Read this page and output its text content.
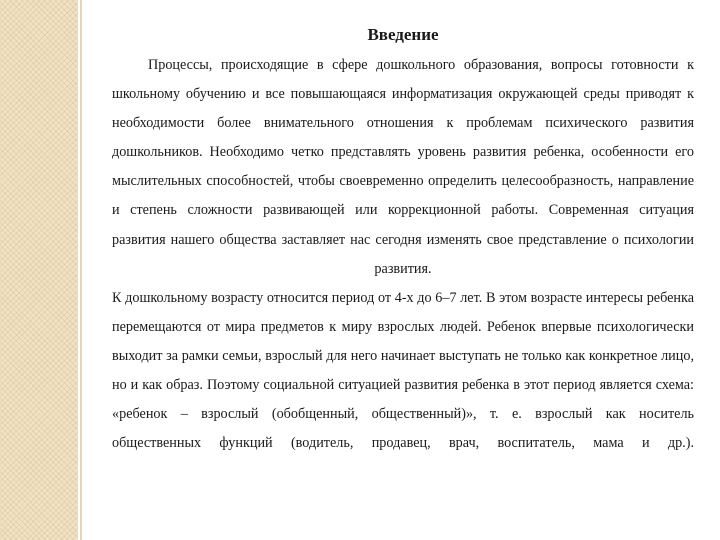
Введение

Процессы, происходящие в сфере дошкольного образования, вопросы готовности к школьному обучению и все повышающаяся информатизация окружающей среды приводят к необходимости более внимательного отношения к проблемам психического развития дошкольников. Необходимо четко представлять уровень развития ребенка, особенности его мыслительных способностей, чтобы своевременно определить целесообразность, направление и степень сложности развивающей или коррекционной работы. Современная ситуация развития нашего общества заставляет нас сегодня изменять свое представление о психологии

развития.

К дошкольному возрасту относится период от 4-х до 6–7 лет. В этом возрасте интересы ребенка перемещаются от мира предметов к миру взрослых людей. Ребенок впервые психологически выходит за рамки семьи, взрослый для него начинает выступать не только как конкретное лицо, но и как образ. Поэтому социальной ситуацией развития ребенка в этот период является схема: «ребенок – взрослый (обобщенный, общественный)», т. е. взрослый как носитель общественных функций (водитель, продавец, врач, воспитатель, мама и др.).
